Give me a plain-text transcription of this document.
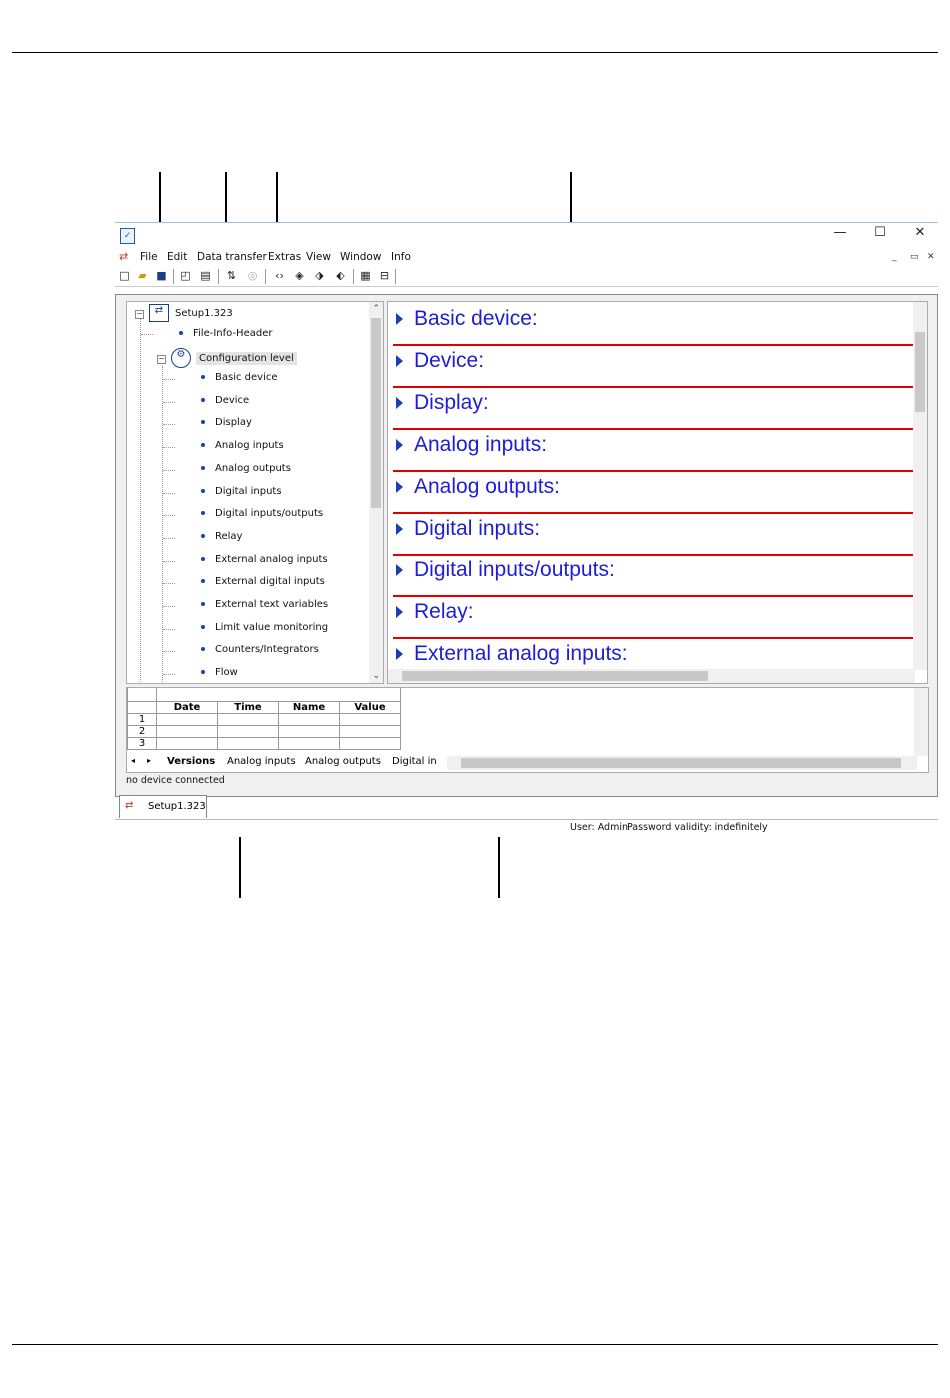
✓	—	☐	✕
⇄ File Edit Data transfer Extras View Window Info	_ ▭ ✕
□ ▰ ■ ◰ ▤ ⇅ ◎ ‹› ◈ ⬗ ⬖ ▦ ⊟
−	⇄ Setup1.323
File-Info-Header
−	⚙ Configuration level
Basic device
Device
Display
Analog inputs
Analog outputs
Digital inputs
Digital inputs/outputs
Relay
External analog inputs
External digital inputs
External text variables
Limit value monitoring
Counters/Integrators
Flow
⌃
⌄
Basic device:
Device:
Display:
Analog inputs:
Analog outputs:
Digital inputs:
Digital inputs/outputs:
Relay:
External analog inputs:

	Date	Time	Name	Value
1				
2				
3				
◂ ▸ Versions Analog inputs Analog outputs Digital in
no device connected
⇄ Setup1.323
User: Admin Password validity: indefinitely
